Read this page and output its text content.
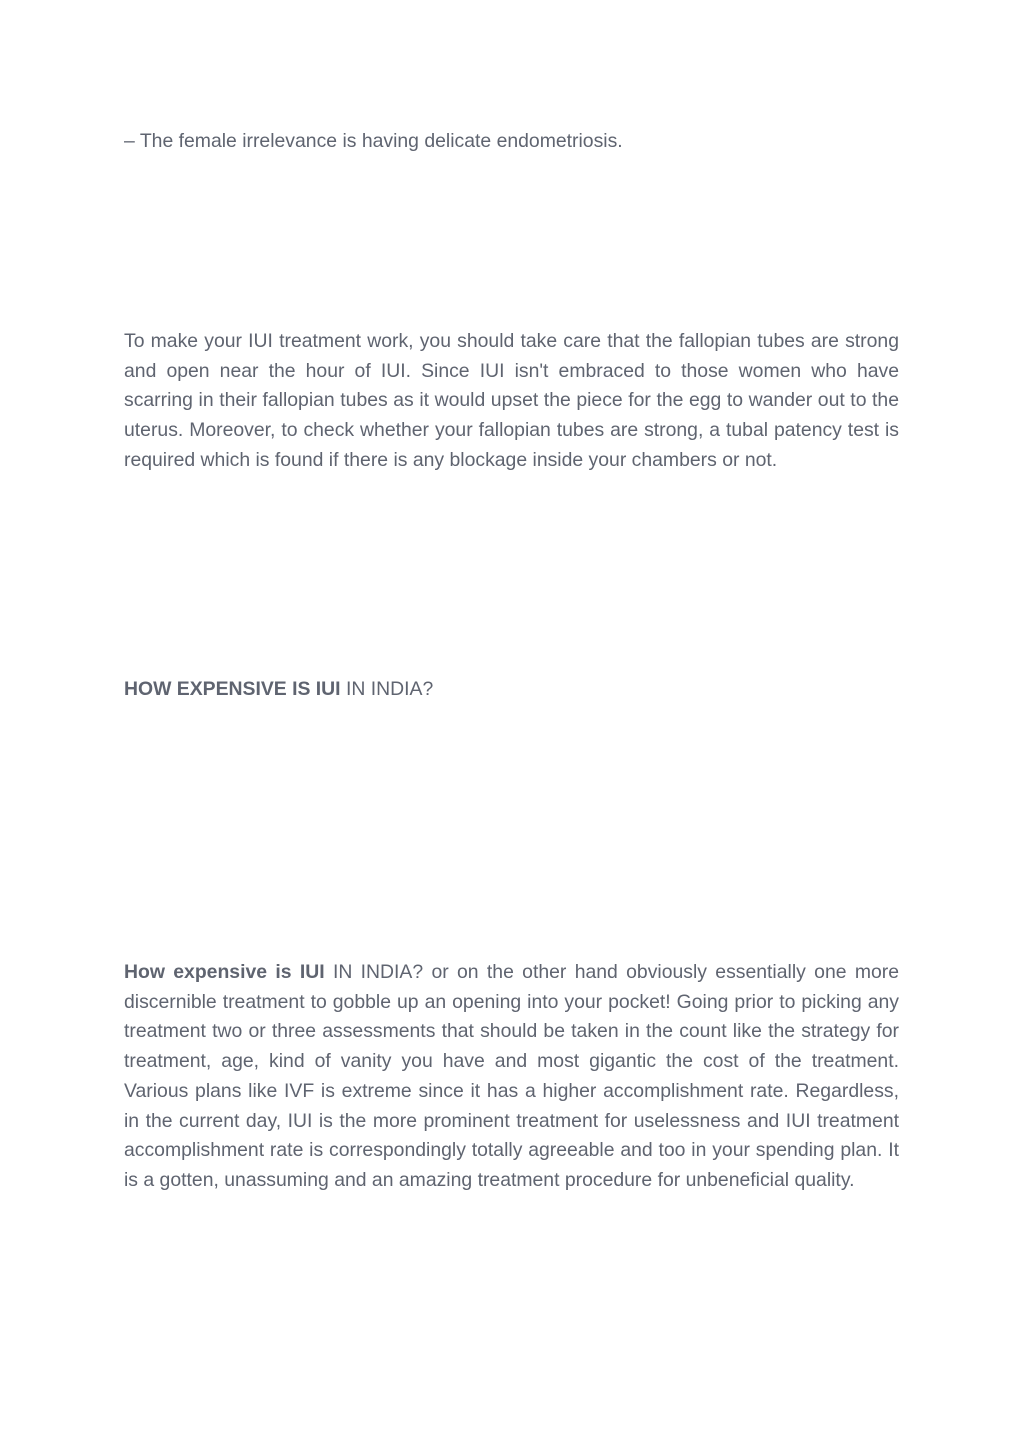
– The female irrelevance is having delicate endometriosis.

To make your IUI treatment work, you should take care that the fallopian tubes are strong and open near the hour of IUI. Since IUI isn't embraced to those women who have scarring in their fallopian tubes as it would upset the piece for the egg to wander out to the uterus. Moreover, to check whether your fallopian tubes are strong, a tubal patency test is required which is found if there is any blockage inside your chambers or not.

HOW EXPENSIVE IS IUI IN INDIA?

How expensive is IUI IN INDIA? or on the other hand obviously essentially one more discernible treatment to gobble up an opening into your pocket! Going prior to picking any treatment two or three assessments that should be taken in the count like the strategy for treatment, age, kind of vanity you have and most gigantic the cost of the treatment. Various plans like IVF is extreme since it has a higher accomplishment rate. Regardless, in the current day, IUI is the more prominent treatment for uselessness and IUI treatment accomplishment rate is correspondingly totally agreeable and too in your spending plan. It is a gotten, unassuming and an amazing treatment procedure for unbeneficial quality.
